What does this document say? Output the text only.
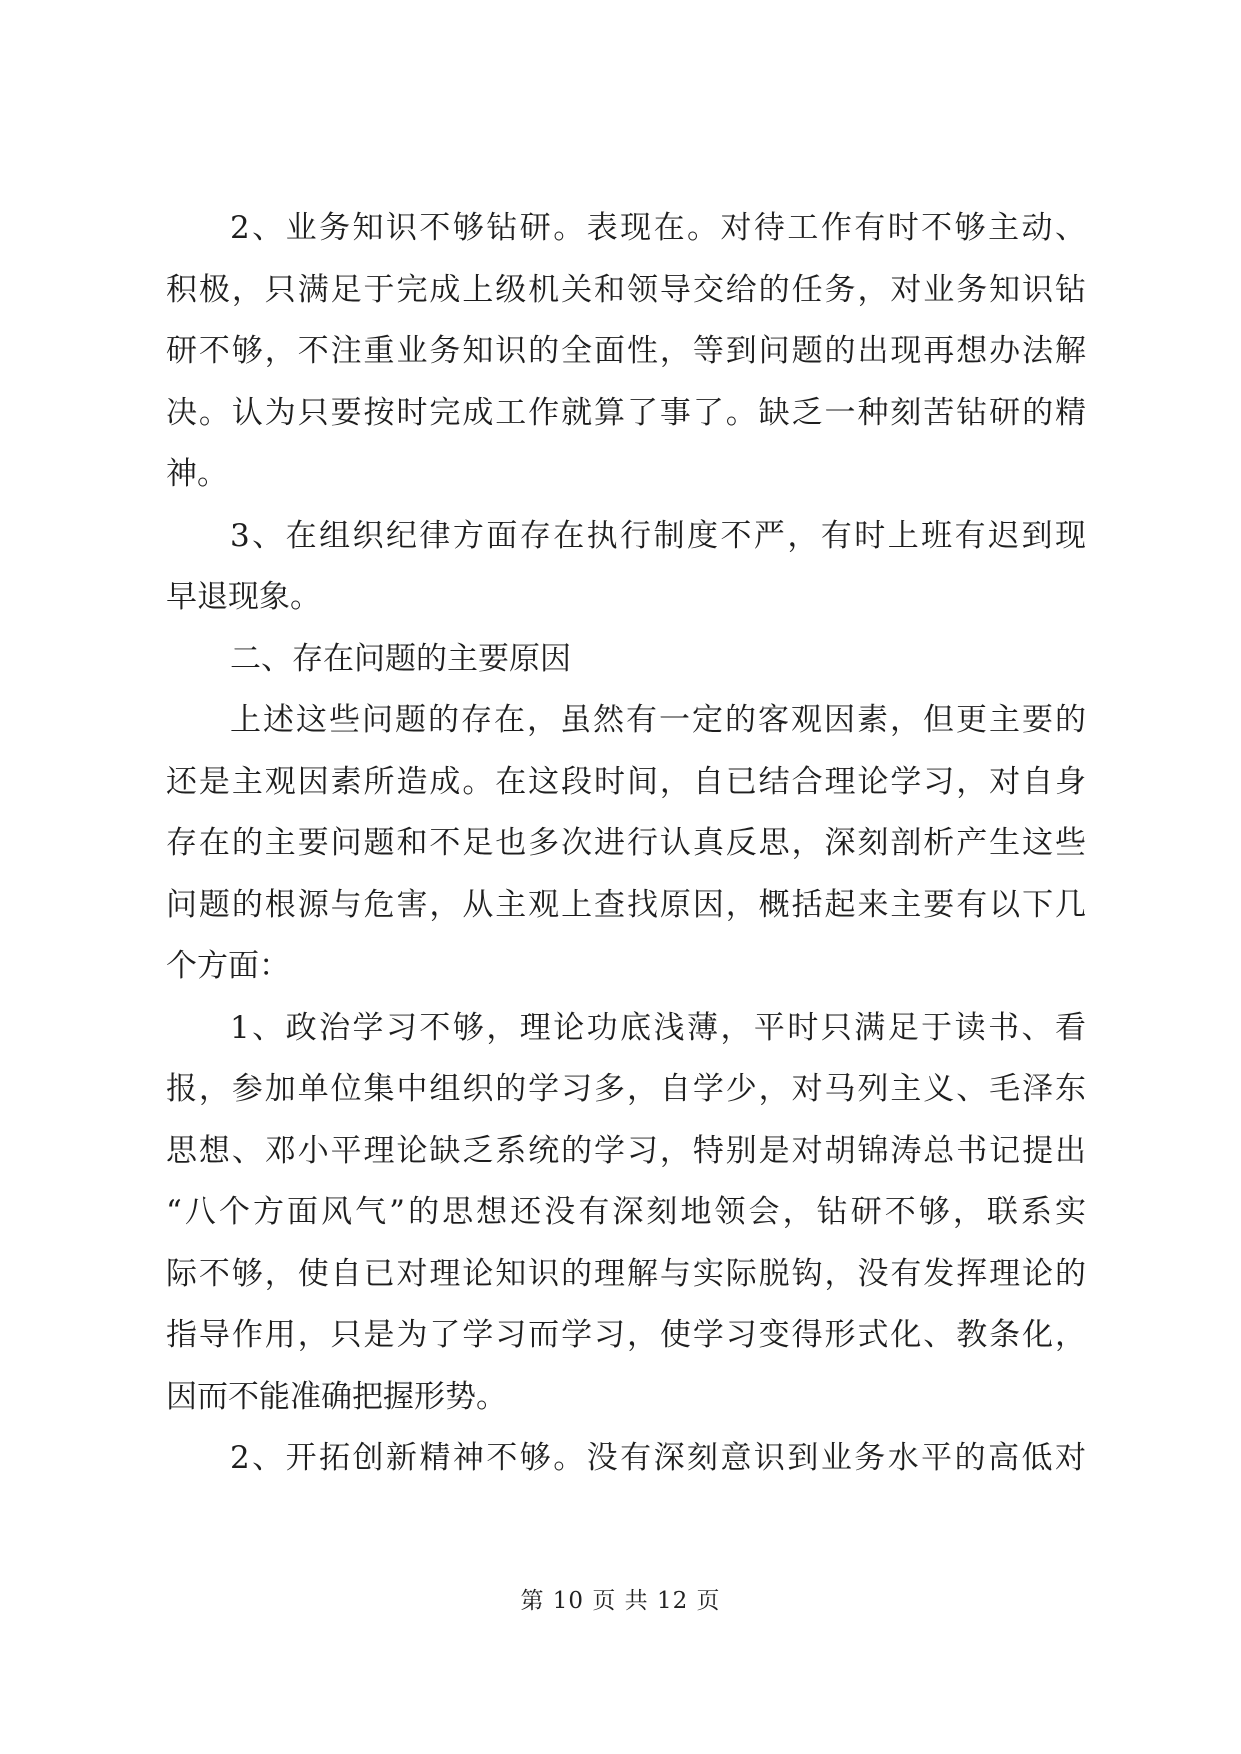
2、业务知识不够钻研。表现在。对待工作有时不够主动、
积极，只满足于完成上级机关和领导交给的任务，对业务知识钻
研不够，不注重业务知识的全面性，等到问题的出现再想办法解
决。认为只要按时完成工作就算了事了。缺乏一种刻苦钻研的精
神。
3、在组织纪律方面存在执行制度不严，有时上班有迟到现
早退现象。
二、存在问题的主要原因
上述这些问题的存在，虽然有一定的客观因素，但更主要的
还是主观因素所造成。在这段时间，自已结合理论学习，对自身
存在的主要问题和不足也多次进行认真反思，深刻剖析产生这些
问题的根源与危害，从主观上查找原因，概括起来主要有以下几
个方面：
1、政治学习不够，理论功底浅薄，平时只满足于读书、看
报，参加单位集中组织的学习多，自学少，对马列主义、毛泽东
思想、邓小平理论缺乏系统的学习，特别是对胡锦涛总书记提出
“八个方面风气”的思想还没有深刻地领会，钻研不够，联系实
际不够，使自已对理论知识的理解与实际脱钩，没有发挥理论的
指导作用，只是为了学习而学习，使学习变得形式化、教条化，
因而不能准确把握形势。
2、开拓创新精神不够。没有深刻意识到业务水平的高低对
第 10 页 共 12 页
